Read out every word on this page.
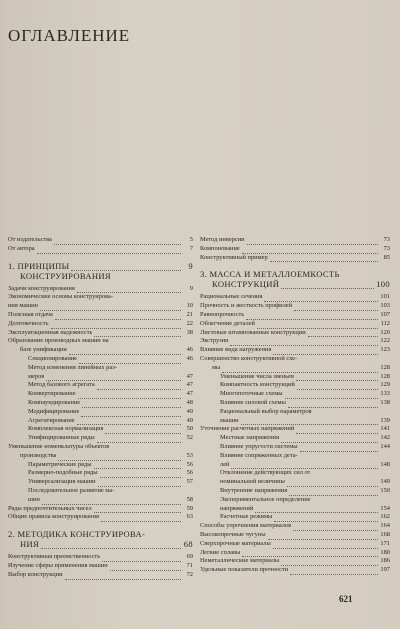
ОГЛАВЛЕНИЕ
От издательства	5
От автора	7
1. ПРИНЦИПЫ	9
КОНСТРУИРОВАНИЯ
Задачи конструирования	9
Экономические основы конструирова-
ния машин	10
Полезная отдача	21
Долговечность	22
Эксплуатационная надежность	38
Образование производных машин на
базе унификации	46
Секционирование	46
Метод изменения линейных раз-
меров	47
Метод базового агрегата	47
Конвертирование	47
Компаундирование	48
Модифицирование	49
Агрегатирование	49
Комплексная нормализация	50
Унифицированные ряды	52
Уменьшение номенклатуры объектов
производства	53
Параметрические ряды	56
Размерно-подобные ряды	56
Универсализация машин	57
Последовательное развитие ма-
шин	58
Ряды предпочтительных чисел	59
Общие правила конструирования	63
2. МЕТОДИКА КОНСТРУИРОВА-
НИЯ	68
Конструктивная преемственность	69
Изучение сферы применения машин	71
Выбор конструкции	72
Метод инверсии	73
Компонование	73
Конструктивный пример	85
3. МАССА И МЕТАЛЛОЕМКОСТЬ
КОНСТРУКЦИЙ	100
Рациональные сечения	101
Прочность и жесткость профилей	103
Равнопрочность	107
Облегчение деталей	112
Листовые штампованные конструкции	120
Экструзия	122
Влияние вида нагружения	123
Совершенство конструктивной схе-
мы	128
Уменьшение числа звеньев	128
Компактность конструкций	129
Многопоточные схемы	133
Влияние силовой схемы	138
Рациональный выбор параметров
машин	139
Уточнение расчетных напряжений	141
Местные напряжения	142
Влияние упругости системы	144
Влияние сопряженных дета-
лей	148
Отклонение действующих сил от
номинальной величины	149
Внутренние напряжения	150
Экспериментальное определение
напряжений	154
Расчетные режимы	162
Способы упрочнения материалов	164
Высокопрочные чугуны	168
Сверхпрочные материалы	171
Легкие сплавы	180
Неметаллические материалы	186
Удельные показатели прочности	197
621
